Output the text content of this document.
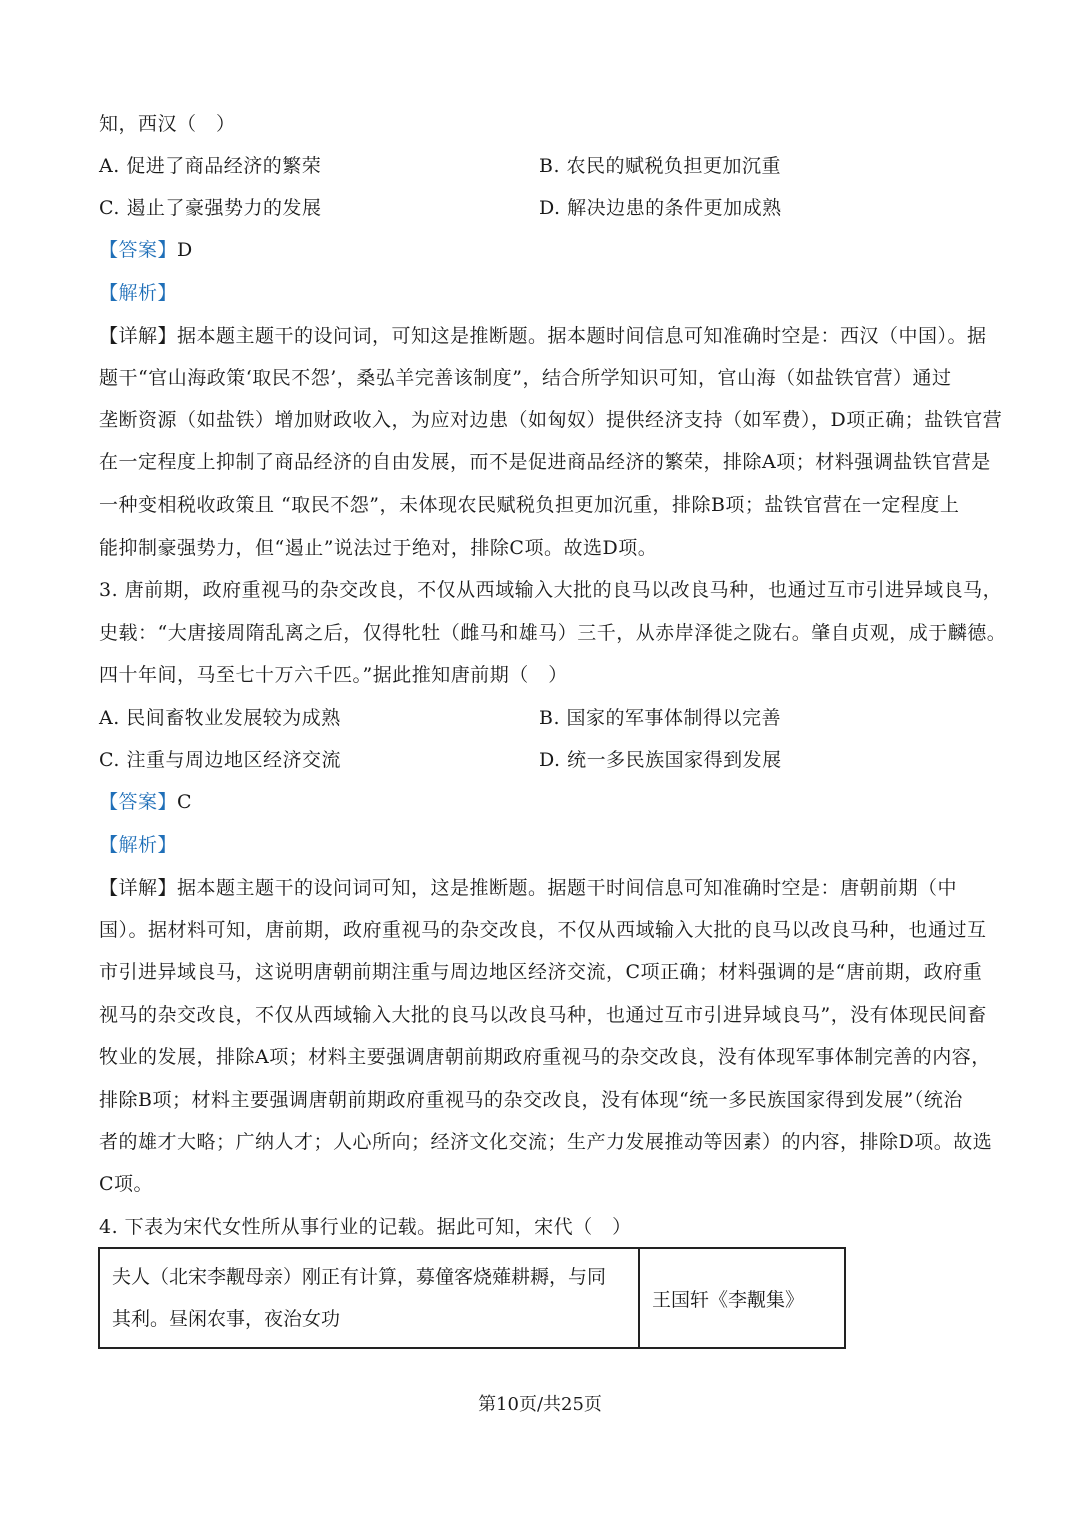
知，西汉（　）
A. 促进了商品经济的繁荣	B. 农民的赋税负担更加沉重
C. 遏止了豪强势力的发展	D. 解决边患的条件更加成熟
【答案】D
【解析】
【详解】据本题主题干的设问词，可知这是推断题。据本题时间信息可知准确时空是：西汉（中国）。据
题干“官山海政策‘取民不怨’，桑弘羊完善该制度”，结合所学知识可知，官山海（如盐铁官营）通过
垄断资源（如盐铁）增加财政收入，为应对边患（如匈奴）提供经济支持（如军费），D项正确；盐铁官营
在一定程度上抑制了商品经济的自由发展，而不是促进商品经济的繁荣，排除A项；材料强调盐铁官营是
一种变相税收政策且 “取民不怨”，未体现农民赋税负担更加沉重，排除B项；盐铁官营在一定程度上
能抑制豪强势力，但“遏止”说法过于绝对，排除C项。故选D项。
3. 唐前期，政府重视马的杂交改良，不仅从西域输入大批的良马以改良马种，也通过互市引进异域良马，
史载：“大唐接周隋乱离之后，仅得牝牡（雌马和雄马）三千，从赤岸泽徙之陇右。肇自贞观，成于麟德。
四十年间，马至七十万六千匹。”据此推知唐前期（　）
A. 民间畜牧业发展较为成熟	B. 国家的军事体制得以完善
C. 注重与周边地区经济交流	D. 统一多民族国家得到发展
【答案】C
【解析】
【详解】据本题主题干的设问词可知，这是推断题。据题干时间信息可知准确时空是：唐朝前期（中
国）。据材料可知，唐前期，政府重视马的杂交改良，不仅从西域输入大批的良马以改良马种，也通过互
市引进异域良马，这说明唐朝前期注重与周边地区经济交流，C项正确；材料强调的是“唐前期，政府重
视马的杂交改良，不仅从西域输入大批的良马以改良马种，也通过互市引进异域良马”，没有体现民间畜
牧业的发展，排除A项；材料主要强调唐朝前期政府重视马的杂交改良，没有体现军事体制完善的内容，
排除B项；材料主要强调唐朝前期政府重视马的杂交改良，没有体现“统一多民族国家得到发展”（统治
者的雄才大略；广纳人才；人心所向；经济文化交流；生产力发展推动等因素）的内容，排除D项。故选
C项。
4. 下表为宋代女性所从事行业的记载。据此可知，宋代（　）
夫人（北宋李觏母亲）刚正有计算，募僮客烧薙耕耨，与同
其利。昼闲农事，夜治女功
	王国轩《李觏集》
第10页/共25页
